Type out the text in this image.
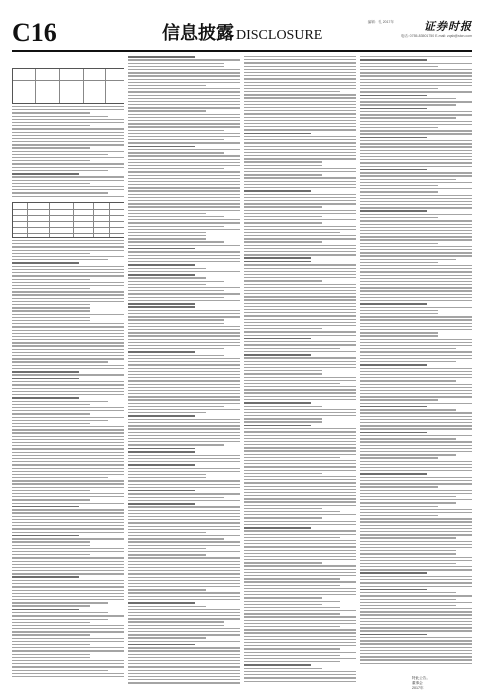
C16	信息披露 DISCLOSURE
编辑：孔 2017年	证券时报
电话: 0755-83501750 E-mail: zqsb@stcn.com
特此公告。
董事会
2017年
